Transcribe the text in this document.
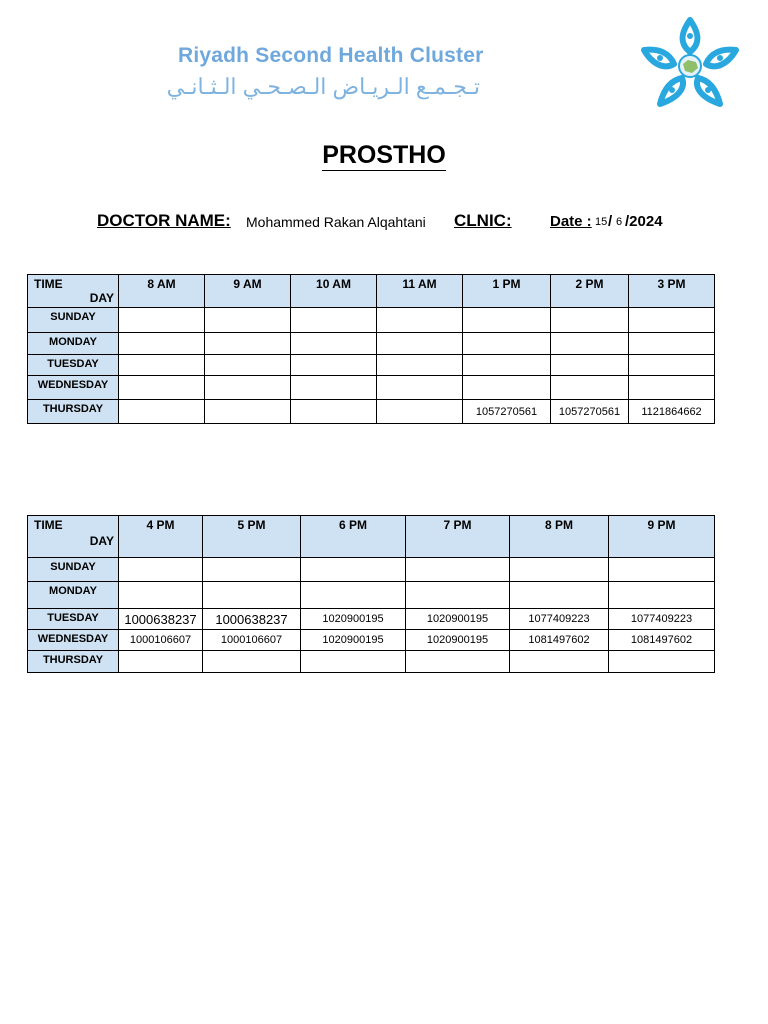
Riyadh Second Health Cluster
تـجـمـع الـريـاض الـصـحـي الـثـانـي
PROSTHO
DOCTOR NAME: Mohammed Rakan Alqahtani CLNIC:	Date : 15 / 6 /2024
TIME
DAY	8 AM	9 AM	10 AM	11 AM	1 PM	2 PM	3 PM
SUNDAY							
MONDAY							
TUESDAY							
WEDNESDAY							
THURSDAY					1057270561	1057270561	1121864662
TIME
DAY	4 PM	5 PM	6 PM	7 PM	8 PM	9 PM
SUNDAY						
MONDAY						
TUESDAY	1000638237	1000638237	1020900195	1020900195	1077409223	1077409223
WEDNESDAY	1000106607	1000106607	1020900195	1020900195	1081497602	1081497602
THURSDAY						
